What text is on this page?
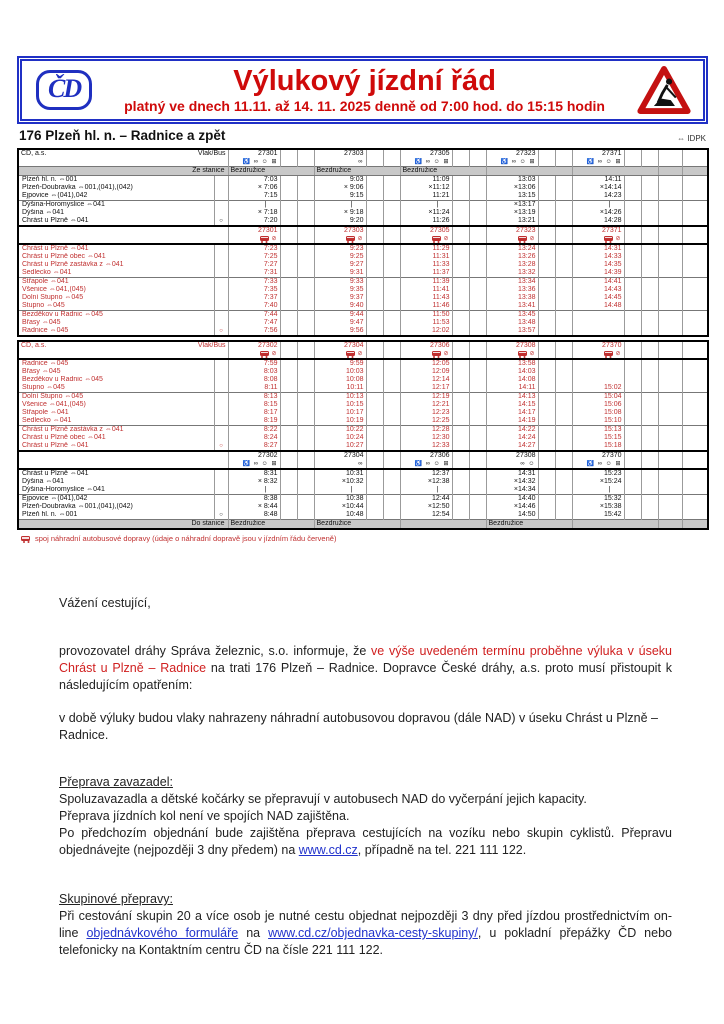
ČD	Výlukový jízdní řád
platný ve dnech 11.11. až 14. 11. 2025 denně od 7:00 hod. do 15:15 hodin
176 Plzeň hl. n. – Radnice a zpět	⇔ IDPK
ČD, a.s. Vlak/Bus		27301			27303			27305			27323			27371				
		♿ ∞ ☺ ⊞			∞			♿ ∞ ☺ ⊞			♿ ∞ ☺ ⊞			♿ ∞ ☺ ⊞				
Ze stanice		Bezdružice			Bezdružice			Bezdružice										
Plzeň hl. n. ⇔001		7:03			9:03			11:09			13:03			14:11				
Plzeň-Doubravka ⇔001,(041),(042)		× 7:06			× 9:06			×11:12			×13:06			×14:14				
Ejpovice ⇔(041),042		7:15			9:15			11:21			13:15			14:23				
Dýšina-Horomyslice ⇔041		|			|			|			×13:17			|				
Dýšina ⇔041		× 7:18			× 9:18			×11:24			×13:19			×14:26				
Chrást u Plzně ⇔041	○	7:20			9:20			11:26			13:21			14:28				
		27301			27303			27305			27323			27371				
		⊘			⊘			⊘			⊘			⊘				
Chrást u Plzně ⇔041		7:23			9:23			11:29			13:24			14:31				
Chrást u Plzně obec ⇔041		7:25			9:25			11:31			13:26			14:33				
Chrást u Plzně zastávka z ⇔041		7:27			9:27			11:33			13:28			14:35				
Sedlecko ⇔041		7:31			9:31			11:37			13:32			14:39				
Střapole ⇔041		7:33			9:33			11:39			13:34			14:41				
Všenice ⇔041,(045)		7:35			9:35			11:41			13:36			14:43				
Dolní Stupno ⇔045		7:37			9:37			11:43			13:38			14:45				
Stupno ⇔045		7:40			9:40			11:46			13:41			14:48				
Bezděkov u Radnic ⇔045		7:44			9:44			11:50			13:45							
Břasy ⇔045		7:47			9:47			11:53			13:48							
Radnice ⇔045	○	7:56			9:56			12:02			13:57							
ČD, a.s. Vlak/Bus		27302			27304			27306			27308			27370				
		⊘			⊘			⊘			⊘			⊘				
Radnice ⇔045		7:59			9:59			12:05			13:58							
Břasy ⇔045		8:03			10:03			12:09			14:03							
Bezděkov u Radnic ⇔045		8:08			10:08			12:14			14:08							
Stupno ⇔045		8:11			10:11			12:17			14:11			15:02				
Dolní Stupno ⇔045		8:13			10:13			12:19			14:13			15:04				
Všenice ⇔041,(045)		8:15			10:15			12:21			14:15			15:06				
Střapole ⇔041		8:17			10:17			12:23			14:17			15:08				
Sedlecko ⇔041		8:19			10:19			12:25			14:19			15:10				
Chrást u Plzně zastávka z ⇔041		8:22			10:22			12:28			14:22			15:13				
Chrást u Plzně obec ⇔041		8:24			10:24			12:30			14:24			15:15				
Chrást u Plzně ⇔041	○	8:27			10:27			12:33			14:27			15:18				
		27302			27304			27306			27308			27370				
		♿ ∞ ☺ ⊞			∞			♿ ∞ ☺ ⊞			∞ ☺			♿ ∞ ☺ ⊞				
Chrást u Plzně ⇔041		8:31			10:31			12:37			14:31			15:23				
Dýšina ⇔041		× 8:32			×10:32			×12:38			×14:32			×15:24				
Dýšina-Horomyslice ⇔041		|			|			|			×14:34			|				
Ejpovice ⇔(041),042		8:38			10:38			12:44			14:40			15:32				
Plzeň-Doubravka ⇔001,(041),(042)		× 8:44			×10:44			×12:50			×14:46			×15:38				
Plzeň hl. n. ⇔001	○	8:48			10:48			12:54			14:50			15:42				
Do stanice		Bezdružice			Bezdružice						Bezdružice							
spoj náhradní autobusové dopravy (údaje o náhradní dopravě jsou v jízdním řádu červeně)

Vážení cestující,

provozovatel dráhy Správa železnic, s.o. informuje, že ve výše uvedeném termínu proběhne výluka v úseku Chrást u Plzně – Radnice na trati 176 Plzeň – Radnice. Dopravce České dráhy, a.s. proto musí přistoupit k následujícím opatřením:

v době výluky budou vlaky nahrazeny náhradní autobusovou dopravou (dále NAD) v úseku Chrást u Plzně – Radnice.

Přeprava zavazadel:

Spoluzavazadla a dětské kočárky se přepravují v autobusech NAD do vyčerpání jejich kapacity.
Přeprava jízdních kol není ve spojích NAD zajištěna.
Po předchozím objednání bude zajištěna přeprava cestujících na vozíku nebo skupin cyklistů. Přepravu objednávejte (nejpozději 3 dny předem) na www.cd.cz, případně na tel. 221 111 122.

Skupinové přepravy:

Při cestování skupin 20 a více osob je nutné cestu objednat nejpozději 3 dny před jízdou prostřednictvím on-line objednávkového formuláře na www.cd.cz/objednavka-cesty-skupiny/, u pokladní přepážky ČD nebo telefonicky na Kontaktním centru ČD na čísle 221 111 122.
